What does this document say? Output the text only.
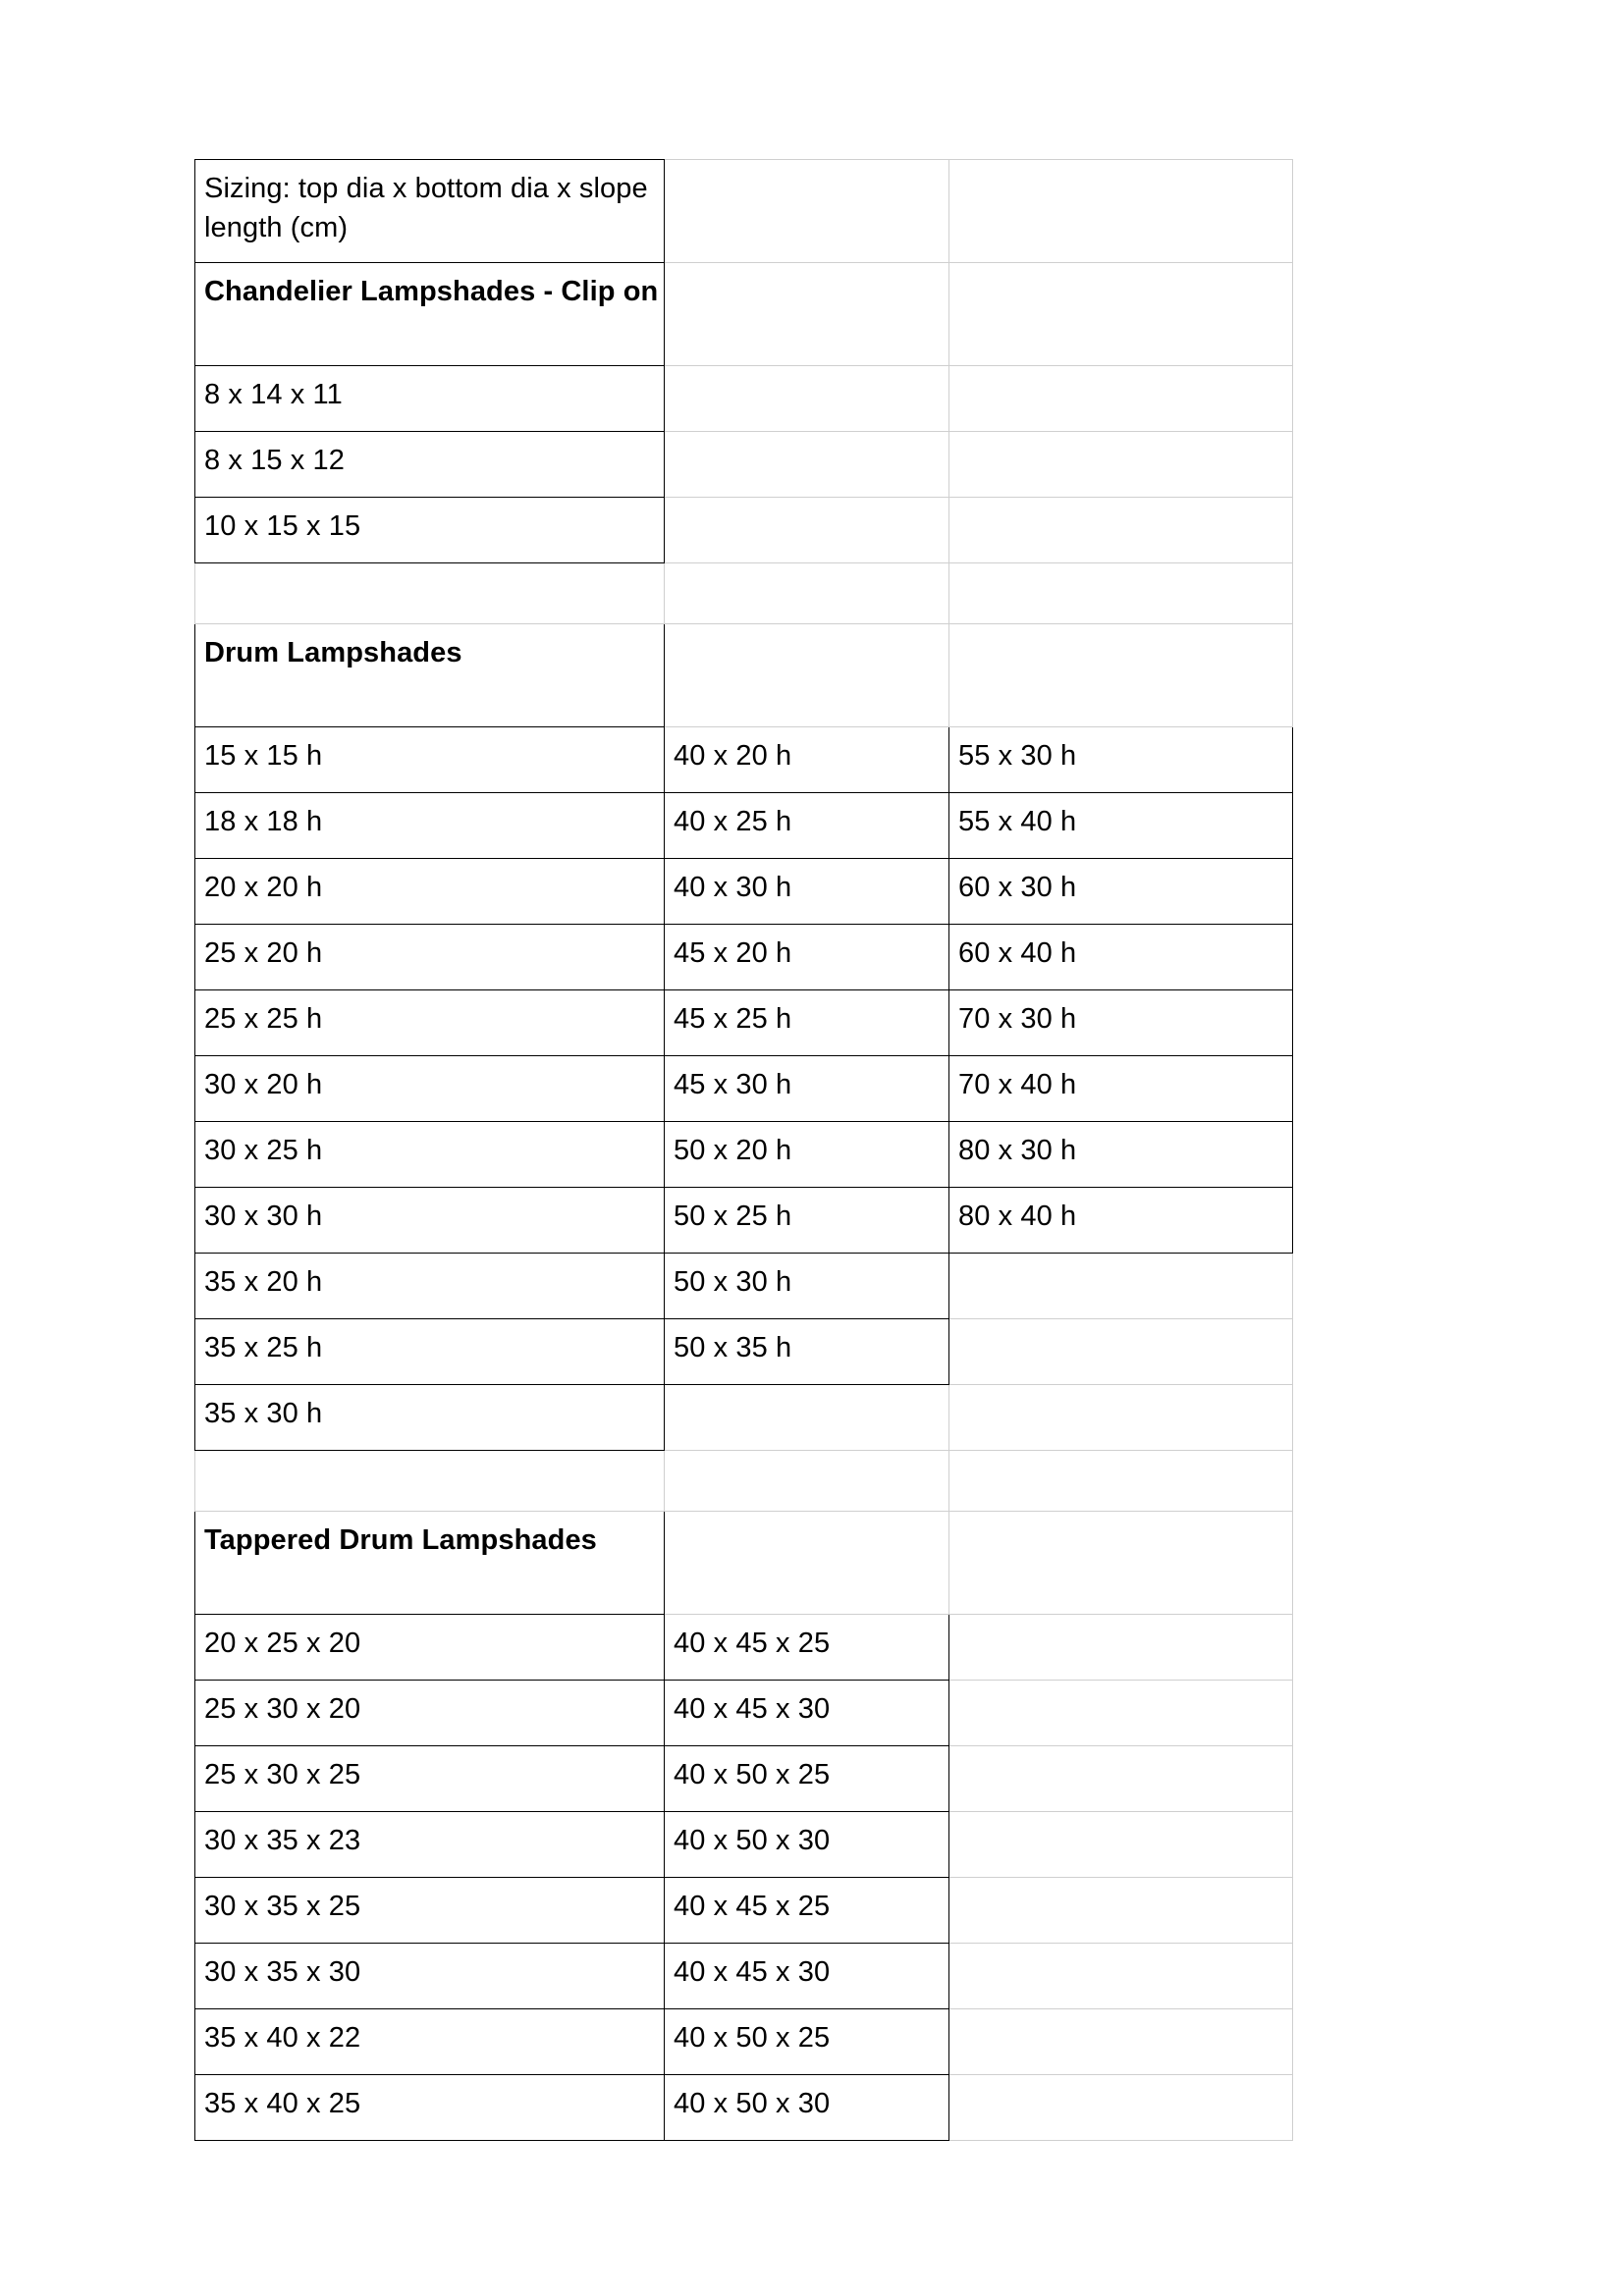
Sizing: top dia x bottom dia x slope length (cm)		

Chandelier Lampshades - Clip on		

8 x 14 x 11		

8 x 15 x 12		

10 x 15 x 15		

Drum Lampshades		

15 x 15 h	40 x 20 h	55 x 30 h

18 x 18 h	40 x 25 h	55 x 40 h

20 x 20 h	40 x 30 h	60 x 30 h

25 x 20 h	45 x 20 h	60 x 40 h

25 x 25 h	45 x 25 h	70 x 30 h

30 x 20 h	45 x 30 h	70 x 40 h

30 x 25 h	50 x 20 h	80 x 30 h

30 x 30 h	50 x 25 h	80 x 40 h

35 x 20 h	50 x 30 h	

35 x 25 h	50 x 35 h	

35 x 30 h		

Tappered Drum Lampshades		

20 x 25 x 20	40 x 45 x 25	

25 x 30 x 20	40 x 45 x 30	

25 x 30 x 25	40 x 50 x 25	

30 x 35 x 23	40 x 50 x 30	

30 x 35 x 25	40 x 45 x 25	

30 x 35 x 30	40 x 45 x 30	

35 x 40 x 22	40 x 50 x 25	

35 x 40 x 25	40 x 50 x 30	
